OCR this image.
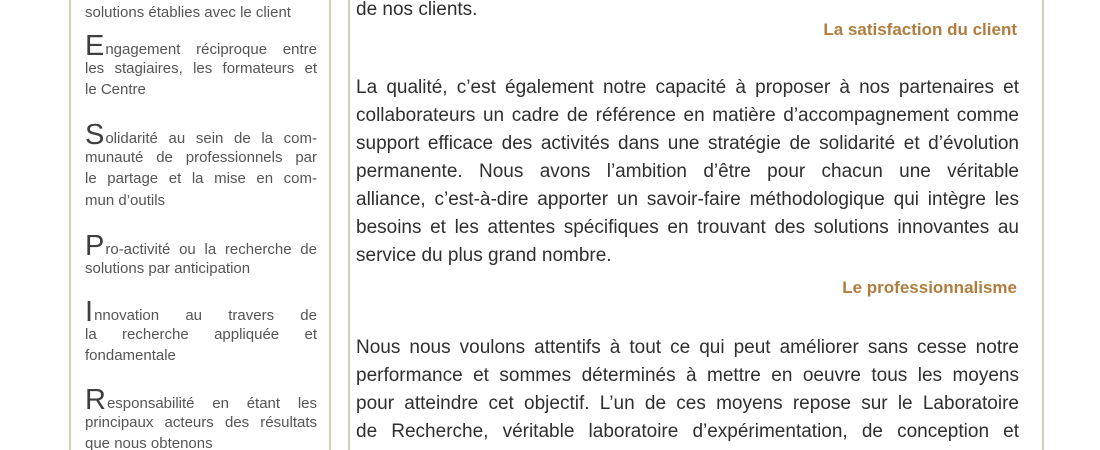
solutions établies avec le client
Engagement réciproque entre
les stagiaires, les formateurs et
le Centre
Solidarité au sein de la com-
munauté de professionnels par
le partage et la mise en com-
mun d’outils
Pro-activité ou la recherche de
solutions par anticipation
Innovation au travers de
la recherche appliquée et
fondamentale
Responsabilité en étant les
principaux acteurs des résultats
que nous obtenons
de nos clients.
La satisfaction du client
La qualité, c’est également notre capacité à proposer à nos partenaires et
collaborateurs un cadre de référence en matière d’accompagnement comme
support efficace des activités dans une stratégie de solidarité et d’évolution
permanente. Nous avons l’ambition d’être pour chacun une véritable
alliance, c’est-à-dire apporter un savoir-faire méthodologique qui intègre les
besoins et les attentes spécifiques en trouvant des solutions innovantes au
service du plus grand nombre.
Le professionnalisme
Nous nous voulons attentifs à tout ce qui peut améliorer sans cesse notre
performance et sommes déterminés à mettre en oeuvre tous les moyens
pour atteindre cet objectif. L’un de ces moyens repose sur le Laboratoire
de Recherche, véritable laboratoire d’expérimentation, de conception et
